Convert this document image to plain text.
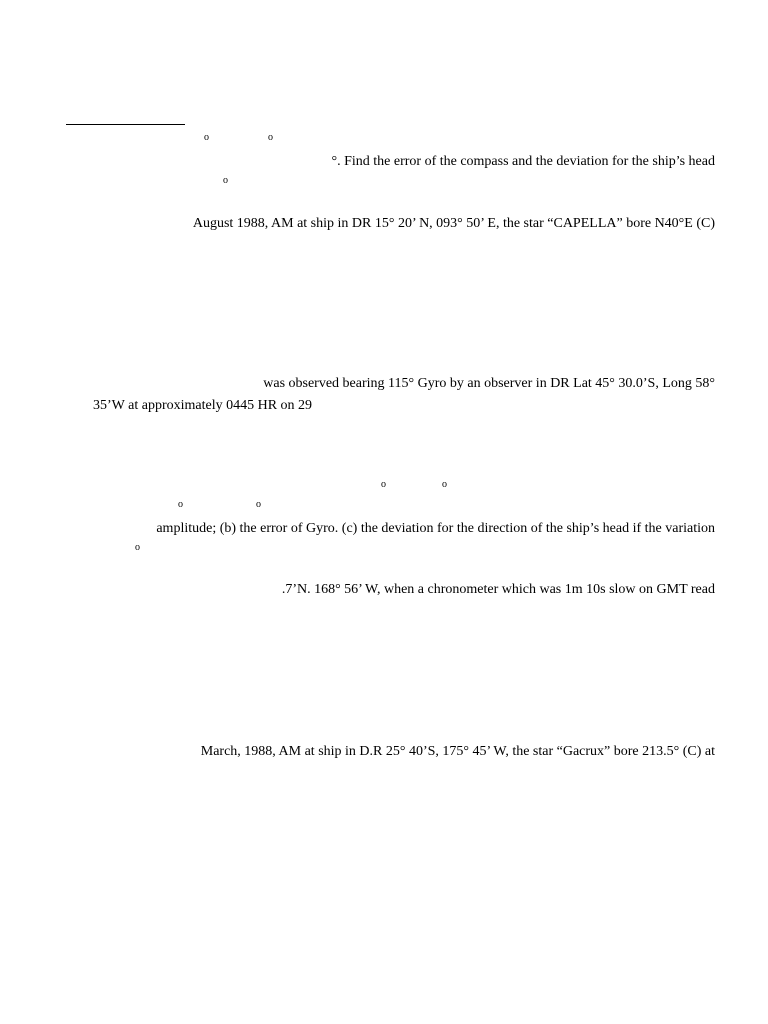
o	o
°. Find the error of the compass and the deviation for the ship’s head
o
August 1988, AM at ship in DR 15° 20’ N, 093° 50’ E, the star “CAPELLA” bore N40°E (C)
was observed bearing 115° Gyro by an observer in DR Lat 45° 30.0’S, Long 58°
35’W at approximately 0445 HR on 29
o	o
o	o
amplitude; (b) the error of Gyro. (c) the deviation for the direction of the ship’s head if the variation
o
.7’N. 168° 56’ W, when a chronometer which was 1m 10s slow on GMT read
March, 1988, AM at ship in D.R 25° 40’S, 175° 45’ W, the star “Gacrux” bore 213.5° (C) at
